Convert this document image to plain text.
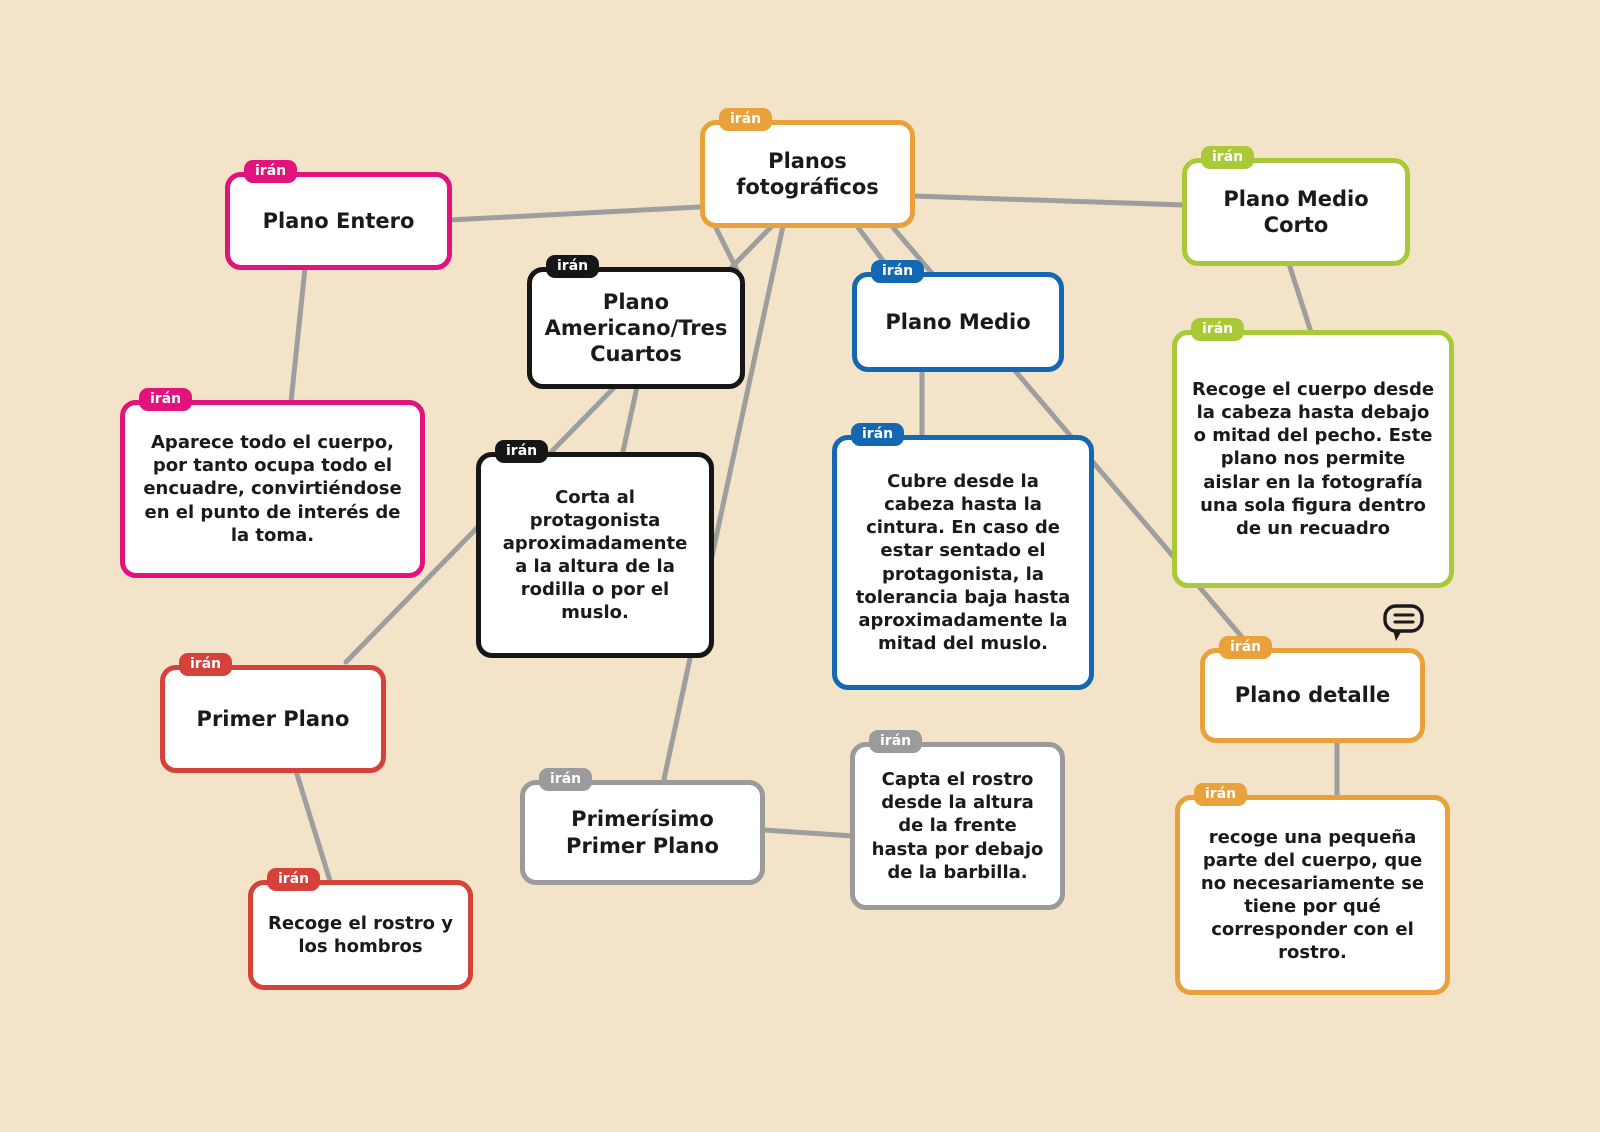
irán
Planos fotográficos
irán
Plano Entero
irán
Aparece todo el cuerpo, por tanto ocupa todo el encuadre, convirtiéndose en el punto de interés de la toma.
irán
Plano Americano/Tres Cuartos
irán
Corta al protagonista aproximadamente a la altura de la rodilla o por el muslo.
irán
Plano Medio
irán
Cubre desde la cabeza hasta la cintura. En caso de estar sentado el protagonista, la tolerancia baja hasta aproximadamente la mitad del muslo.
irán
Plano Medio Corto
irán
Recoge el cuerpo desde la cabeza hasta debajo o mitad del pecho. Este plano nos permite aislar en la fotografía una sola figura dentro de un recuadro
irán
Primer Plano
irán
Recoge el rostro y los hombros
irán
Primerísimo Primer Plano
irán
Capta el rostro desde la altura de la frente hasta por debajo de la barbilla.
irán
Plano detalle
irán
recoge una pequeña parte del cuerpo, que no necesariamente se tiene por qué corresponder con el rostro.
